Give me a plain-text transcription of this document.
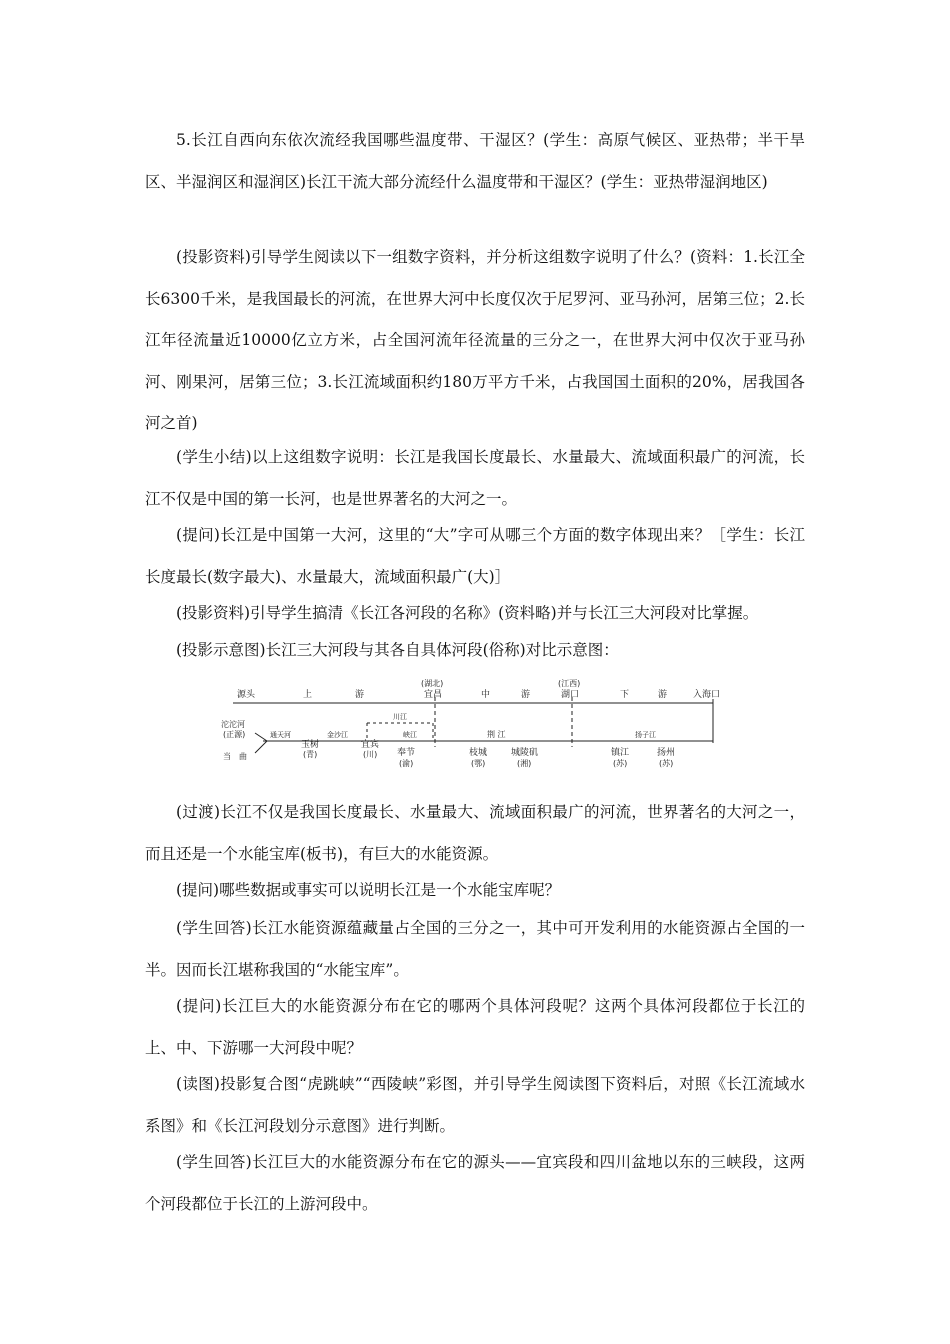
5.长江自西向东依次流经我国哪些温度带、干湿区？(学生：高原气候区、亚热带；半干旱区、半湿润区和湿润区)长江干流大部分流经什么温度带和干湿区？(学生：亚热带湿润地区)

(投影资料)引导学生阅读以下一组数字资料，并分析这组数字说明了什么？(资料：1.长江全长6300千米，是我国最长的河流，在世界大河中长度仅次于尼罗河、亚马孙河，居第三位；2.长江年径流量近10000亿立方米，占全国河流年径流量的三分之一，在世界大河中仅次于亚马孙河、刚果河，居第三位；3.长江流域面积约180万平方千米，占我国国土面积的20%，居我国各河之首)

(学生小结)以上这组数字说明：长江是我国长度最长、水量最大、流域面积最广的河流，长江不仅是中国的第一长河，也是世界著名的大河之一。

(提问)长江是中国第一大河，这里的“大”字可从哪三个方面的数字体现出来？［学生：长江长度最长(数字最大)、水量最大，流域面积最广(大)］

(投影资料)引导学生搞清《长江各河段的名称》(资料略)并与长江三大河段对比掌握。

(投影示意图)长江三大河段与其各自具体河段(俗称)对比示意图：

源头	上	游
(湖北)
宜昌	中	游
(江西)
湖口	下	游	入海口
沱沱河
(正源)
当　曲
通天河	金沙江
川江
峡江	荆 江	扬子江
玉树
(青)
宜宾
(川) 奉节
(渝)
枝城
(鄂)
城陵矶
(湘)
镇江
(苏)
扬州
(苏)

(过渡)长江不仅是我国长度最长、水量最大、流域面积最广的河流，世界著名的大河之一，而且还是一个水能宝库(板书)，有巨大的水能资源。

(提问)哪些数据或事实可以说明长江是一个水能宝库呢？

(学生回答)长江水能资源蕴藏量占全国的三分之一，其中可开发利用的水能资源占全国的一半。因而长江堪称我国的“水能宝库”。

(提问)长江巨大的水能资源分布在它的哪两个具体河段呢？这两个具体河段都位于长江的上、中、下游哪一大河段中呢？

(读图)投影复合图“虎跳峡”“西陵峡”彩图，并引导学生阅读图下资料后，对照《长江流域水系图》和《长江河段划分示意图》进行判断。

(学生回答)长江巨大的水能资源分布在它的源头——宜宾段和四川盆地以东的三峡段，这两个河段都位于长江的上游河段中。
